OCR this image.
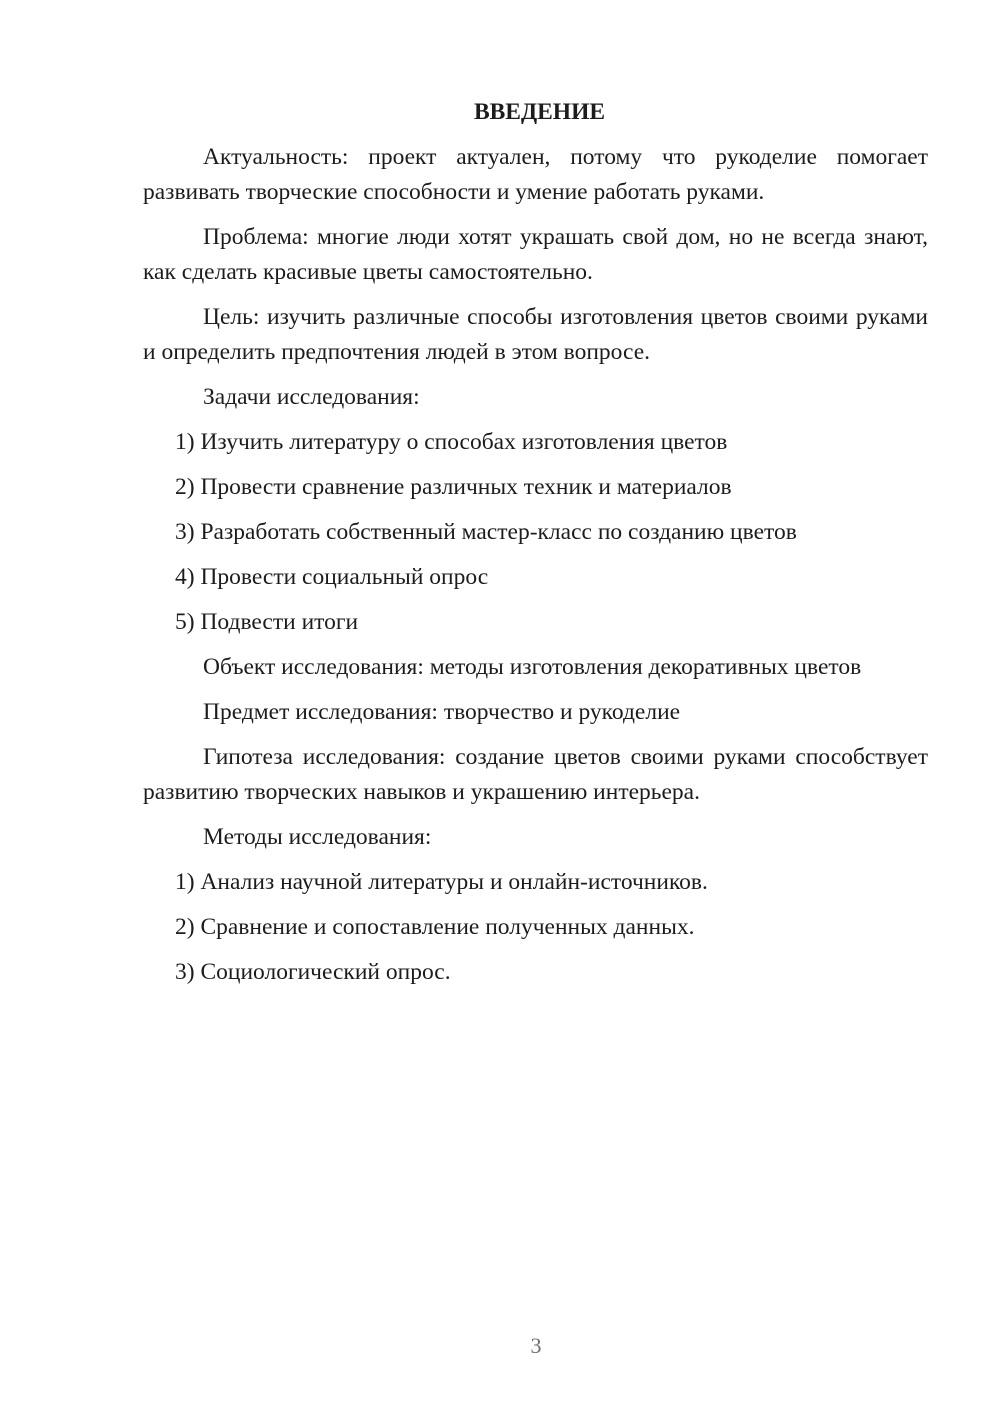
ВВЕДЕНИЕ
Актуальность: проект актуален, потому что рукоделие помогает развивать творческие способности и умение работать руками.
Проблема: многие люди хотят украшать свой дом, но не всегда знают, как сделать красивые цветы самостоятельно.
Цель: изучить различные способы изготовления цветов своими руками и определить предпочтения людей в этом вопросе.
Задачи исследования:
1) Изучить литературу о способах изготовления цветов
2) Провести сравнение различных техник и материалов
3) Разработать собственный мастер-класс по созданию цветов
4) Провести социальный опрос
5) Подвести итоги
Объект исследования: методы изготовления декоративных цветов
Предмет исследования: творчество и рукоделие
Гипотеза исследования: создание цветов своими руками способствует развитию творческих навыков и украшению интерьера.
Методы исследования:
1) Анализ научной литературы и онлайн-источников.
2) Сравнение и сопоставление полученных данных.
3) Социологический опрос.
3
